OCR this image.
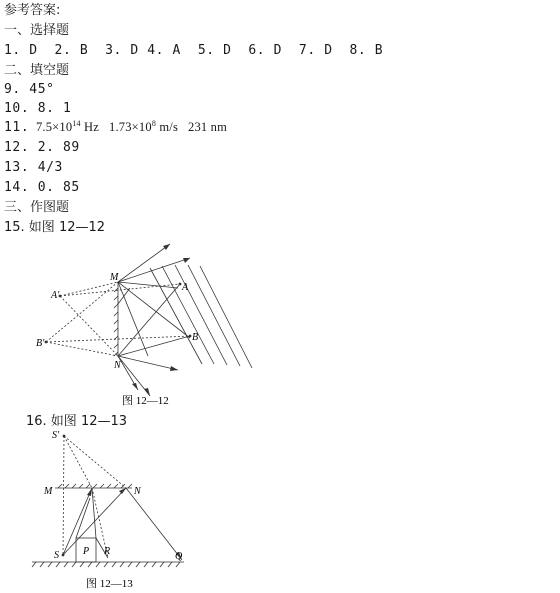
参考答案:
一、选择题
1. D  2. B  3. D 4. A  5. D  6. D  7. D  8. B
二、填空题
9. 45°
10. 8. 1
11. $7.5\times 10^{14}$ Hz   $1.73\times 10^8$ m/s   231 nm
12. 2. 89
13. 4/3
14. 0. 85
三、作图题
15. 如图 12—12
M
N
A
B
A'
B'
图 12—12
16. 如图 12—13
S'
M	N
S P R	Q
图 12—13
